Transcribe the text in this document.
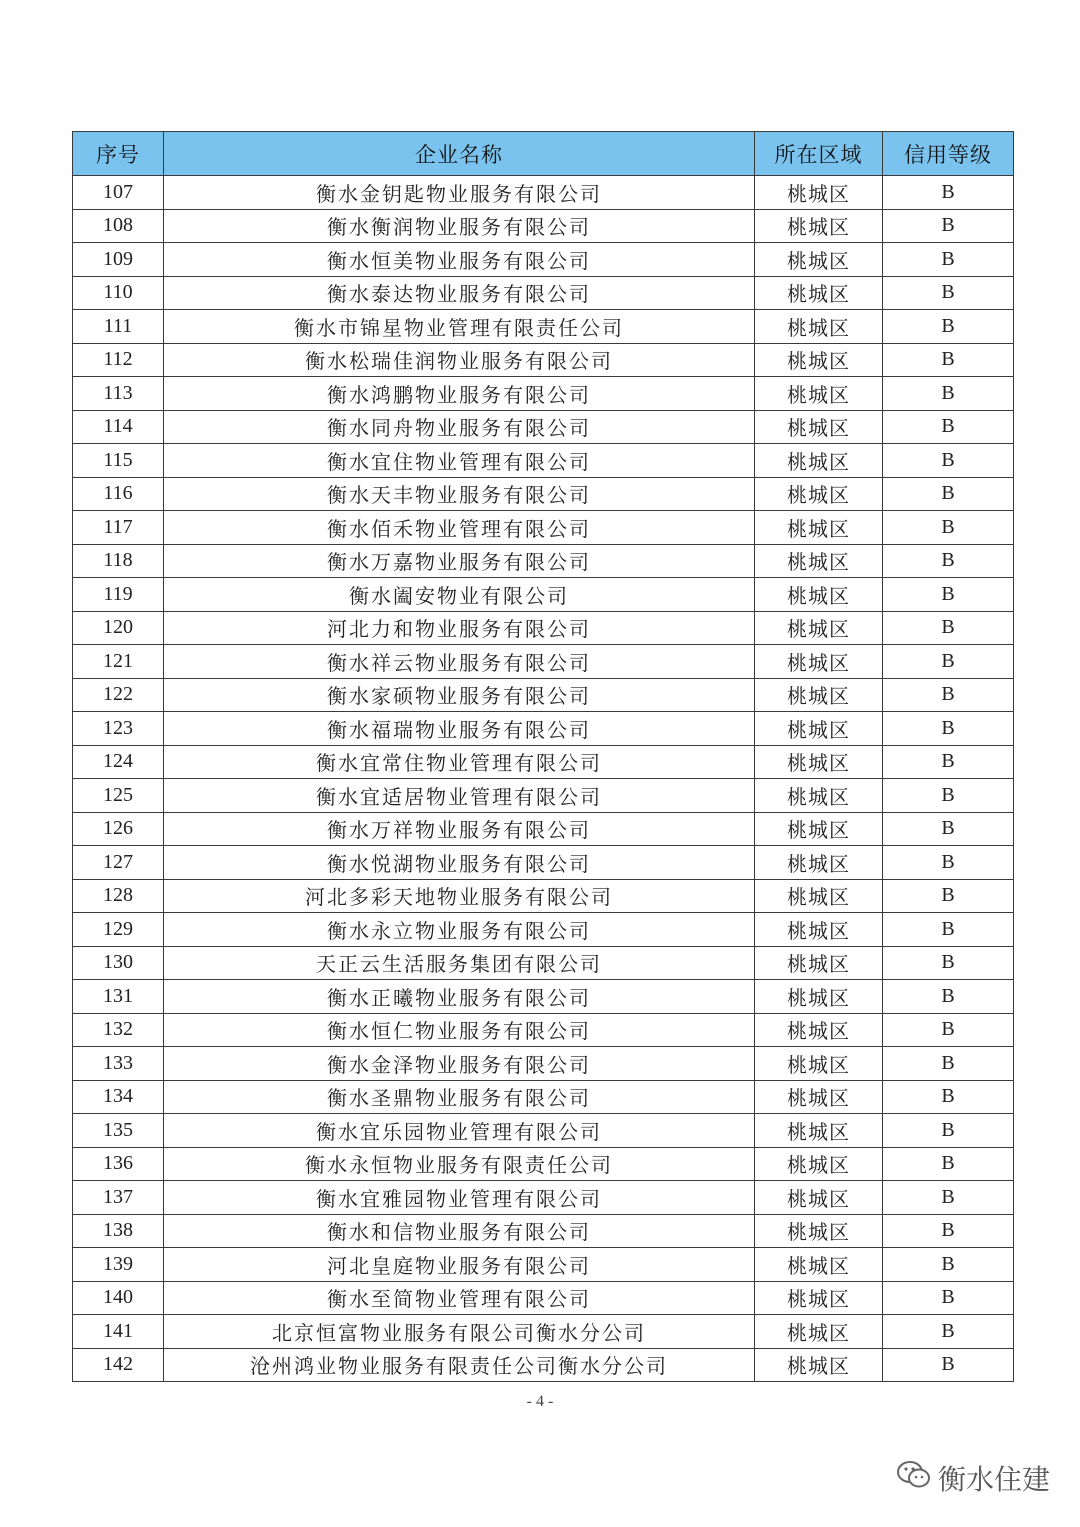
序号	企业名称	所在区域	信用等级
107	衡水金钥匙物业服务有限公司	桃城区	B
108	衡水衡润物业服务有限公司	桃城区	B
109	衡水恒美物业服务有限公司	桃城区	B
110	衡水泰达物业服务有限公司	桃城区	B
111	衡水市锦星物业管理有限责任公司	桃城区	B
112	衡水松瑞佳润物业服务有限公司	桃城区	B
113	衡水鸿鹏物业服务有限公司	桃城区	B
114	衡水同舟物业服务有限公司	桃城区	B
115	衡水宜住物业管理有限公司	桃城区	B
116	衡水天丰物业服务有限公司	桃城区	B
117	衡水佰禾物业管理有限公司	桃城区	B
118	衡水万嘉物业服务有限公司	桃城区	B
119	衡水阖安物业有限公司	桃城区	B
120	河北力和物业服务有限公司	桃城区	B
121	衡水祥云物业服务有限公司	桃城区	B
122	衡水家硕物业服务有限公司	桃城区	B
123	衡水福瑞物业服务有限公司	桃城区	B
124	衡水宜常住物业管理有限公司	桃城区	B
125	衡水宜适居物业管理有限公司	桃城区	B
126	衡水万祥物业服务有限公司	桃城区	B
127	衡水悦湖物业服务有限公司	桃城区	B
128	河北多彩天地物业服务有限公司	桃城区	B
129	衡水永立物业服务有限公司	桃城区	B
130	天正云生活服务集团有限公司	桃城区	B
131	衡水正曦物业服务有限公司	桃城区	B
132	衡水恒仁物业服务有限公司	桃城区	B
133	衡水金泽物业服务有限公司	桃城区	B
134	衡水圣鼎物业服务有限公司	桃城区	B
135	衡水宜乐园物业管理有限公司	桃城区	B
136	衡水永恒物业服务有限责任公司	桃城区	B
137	衡水宜雅园物业管理有限公司	桃城区	B
138	衡水和信物业服务有限公司	桃城区	B
139	河北皇庭物业服务有限公司	桃城区	B
140	衡水至简物业管理有限公司	桃城区	B
141	北京恒富物业服务有限公司衡水分公司	桃城区	B
142	沧州鸿业物业服务有限责任公司衡水分公司	桃城区	B
- 4 -
衡水住建
